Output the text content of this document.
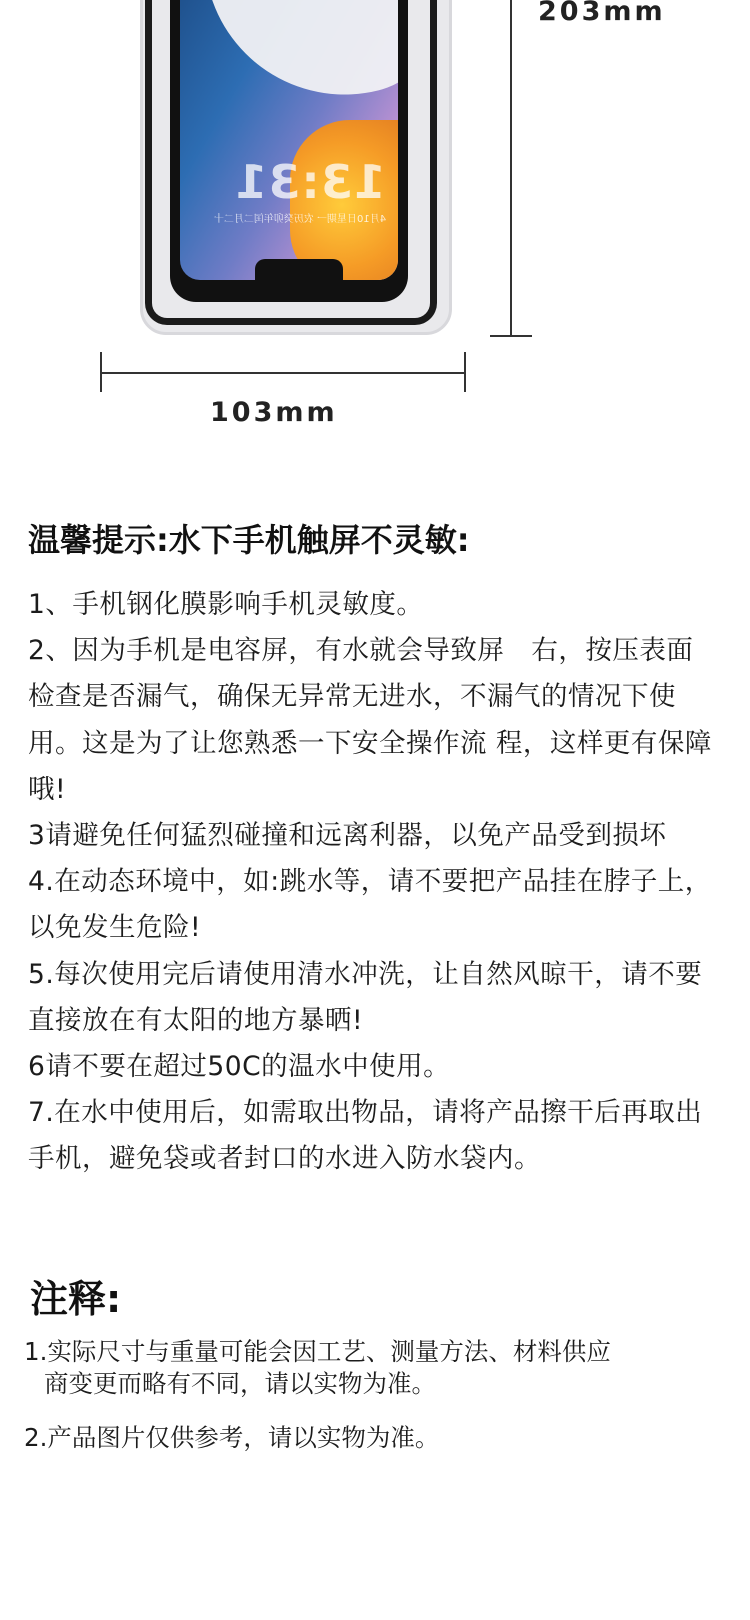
13:31
4月10日星期一 农历癸卯年闰二月二十
203mm
103mm
温馨提示:水下手机触屏不灵敏:

1、手机钢化膜影响手机灵敏度。

2、因为手机是电容屏，有水就会导致屏　右，按压表面检查是否漏气，确保无异常无进水，不漏气的情况下使用。这是为了让您熟悉一下安全操作流 程，这样更有保障哦!

3请避免任何猛烈碰撞和远离利器，以免产品受到损坏

4.在动态环境中，如:跳水等，请不要把产品挂在脖子上，以免发生危险!

5.每次使用完后请使用清水冲洗，让自然风晾干，请不要直接放在有太阳的地方暴晒!

6请不要在超过50C的温水中使用。

7.在水中使用后，如需取出物品，请将产品擦干后再取出手机，避免袋或者封口的水进入防水袋内。

注释:
1.实际尺寸与重量可能会因工艺、测量方法、材料供应
商变更而略有不同，请以实物为准。
2.产品图片仅供参考，请以实物为准。
